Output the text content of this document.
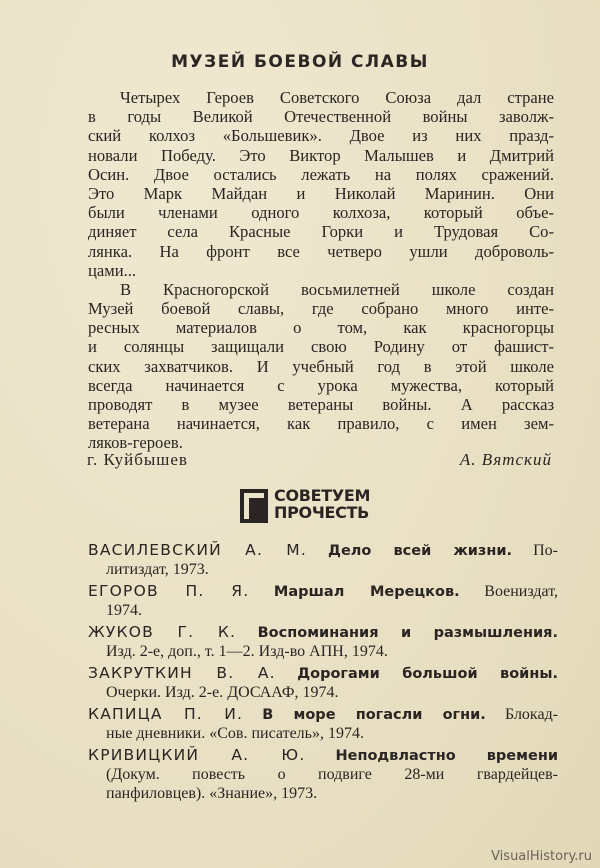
МУЗЕЙ БОЕВОЙ СЛАВЫ
Четырех Героев Советского Союза дал стране
в годы Великой Отечественной войны заволж-
ский колхоз «Большевик». Двое из них празд-
новали Победу. Это Виктор Малышев и Дмитрий
Осин. Двое остались лежать на полях сражений.
Это Марк Майдан и Николай Маринин. Они
были членами одного колхоза, который объе-
диняет села Красные Горки и Трудовая Со-
лянка. На фронт все четверо ушли доброволь-
цами...
В Красногорской восьмилетней школе создан
Музей боевой славы, где собрано много инте-
ресных материалов о том, как красногорцы
и солянцы защищали свою Родину от фашист-
ских захватчиков. И учебный год в этой школе
всегда начинается с урока мужества, который
проводят в музее ветераны войны. А рассказ
ветерана начинается, как правило, с имен зем-
ляков-героев.
г. Куйбышев	А. Вятский
СОВЕТУЕМ
ПРОЧЕСТЬ
ВАСИЛЕВСКИЙ А. М. Дело всей жизни. По-
литиздат, 1973.
ЕГОРОВ П. Я. Маршал Мерецков. Воениздат,
1974.
ЖУКОВ Г. К. Воспоминания и размышления.
Изд. 2-е, доп., т. 1—2. Изд-во АПН, 1974.
ЗАКРУТКИН В. А. Дорогами большой войны.
Очерки. Изд. 2-е. ДОСААФ, 1974.
КАПИЦА П. И. В море погасли огни. Блокад-
ные дневники. «Сов. писатель», 1974.
КРИВИЦКИЙ А. Ю. Неподвластно времени
(Докум. повесть о подвиге 28-ми гвардейцев-
панфиловцев). «Знание», 1973.
VisualHistory.ru
